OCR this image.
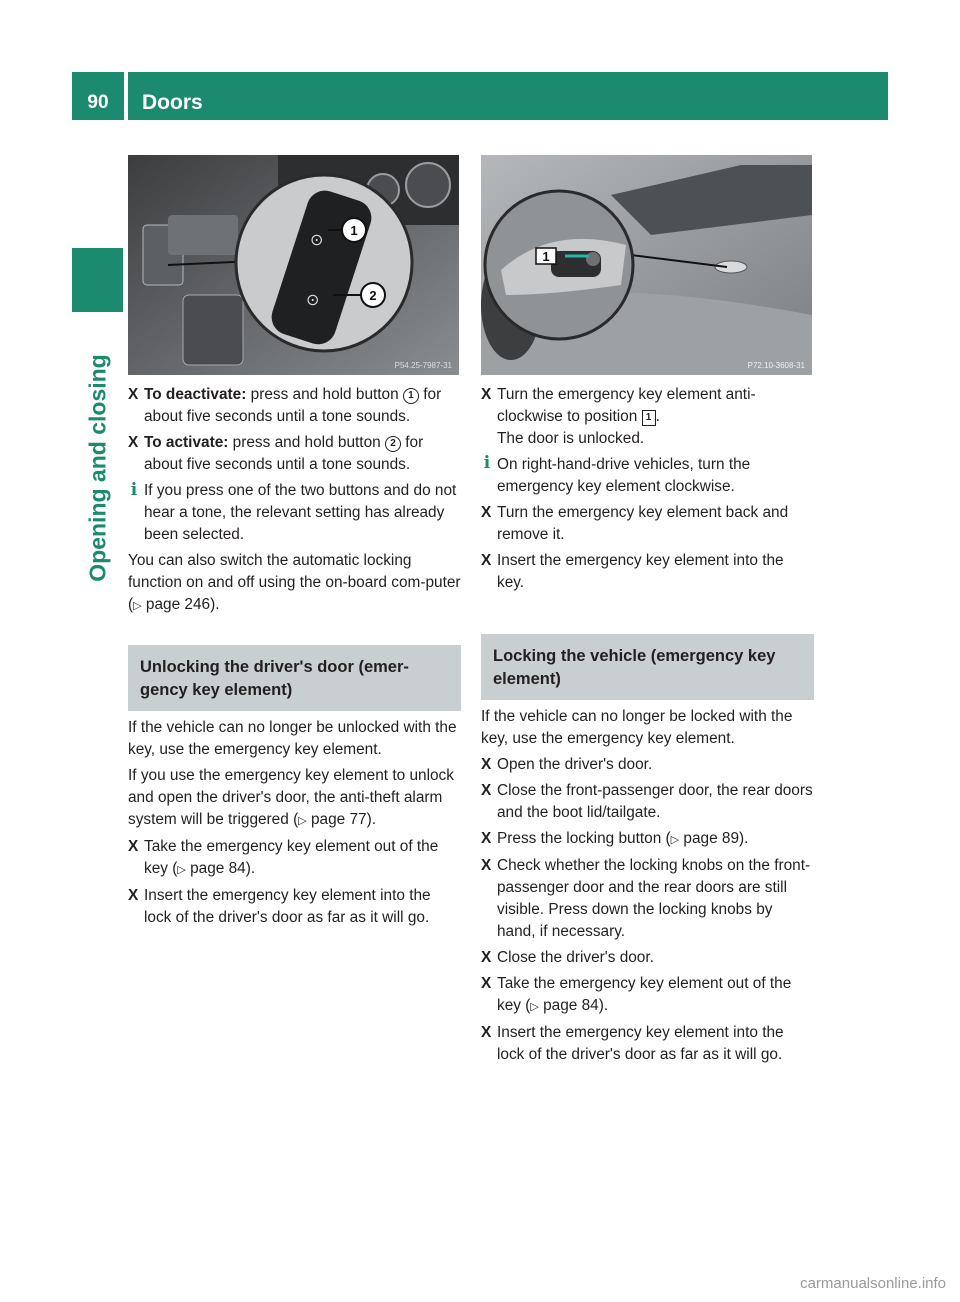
90	Doors
Opening and closing
⊙
⊙
1
2
P54.25-7987-31
1
P72.10-3608-31
X To deactivate: press and hold button 1 for about five seconds until a tone sounds.
X To activate: press and hold button 2 for about five seconds until a tone sounds.
i If you press one of the two buttons and do not hear a tone, the relevant setting has already been selected.

You can also switch the automatic locking function on and off using the on-board com-puter (▷ page 246).

Unlocking the driver's door (emer-gency key element)

If the vehicle can no longer be unlocked with the key, use the emergency key element.

If you use the emergency key element to unlock and open the driver's door, the anti-theft alarm system will be triggered (▷ page 77).

X Take the emergency key element out of the key (▷ page 84).
X Insert the emergency key element into the lock of the driver's door as far as it will go.
X Turn the emergency key element anti-clockwise to position 1 .
The door is unlocked.
i On right-hand-drive vehicles, turn the emergency key element clockwise.
X Turn the emergency key element back and remove it.
X Insert the emergency key element into the key.
Locking the vehicle (emergency key element)

If the vehicle can no longer be locked with the key, use the emergency key element.

X Open the driver's door.
X Close the front-passenger door, the rear doors and the boot lid/tailgate.
X Press the locking button (▷ page 89).
X Check whether the locking knobs on the front-passenger door and the rear doors are still visible. Press down the locking knobs by hand, if necessary.
X Close the driver's door.
X Take the emergency key element out of the key (▷ page 84).
X Insert the emergency key element into the lock of the driver's door as far as it will go.
carmanualsonline.info
